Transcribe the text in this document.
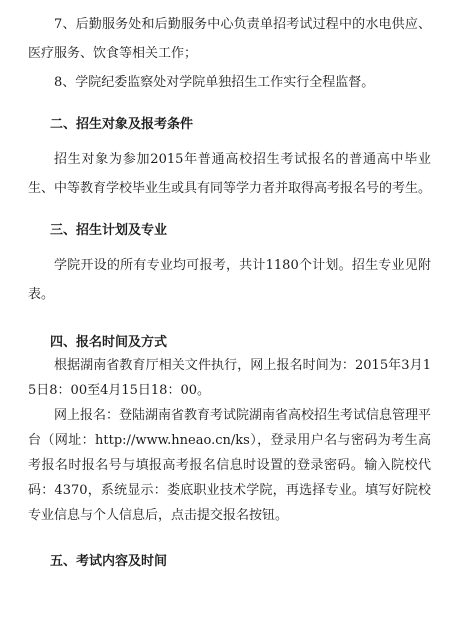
7、后勤服务处和后勤服务中心负责单招考试过程中的水电供应、医疗服务、饮食等相关工作；

8、学院纪委监察处对学院单独招生工作实行全程监督。

二、招生对象及报考条件

招生对象为参加2015年普通高校招生考试报名的普通高中毕业生、中等教育学校毕业生或具有同等学力者并取得高考报名号的考生。

三、招生计划及专业

学院开设的所有专业均可报考，共计1180个计划。招生专业见附表。

四、报名时间及方式

根据湖南省教育厅相关文件执行，网上报名时间为：2015年3月15日8：00至4月15日18：00。

网上报名：登陆湖南省教育考试院湖南省高校招生考试信息管理平台（网址：http://www.hneao.cn/ks），登录用户名与密码为考生高考报名时报名号与填报高考报名信息时设置的登录密码。输入院校代码：4370，系统显示：娄底职业技术学院，再选择专业。填写好院校专业信息与个人信息后，点击提交报名按钮。

五、考试内容及时间
